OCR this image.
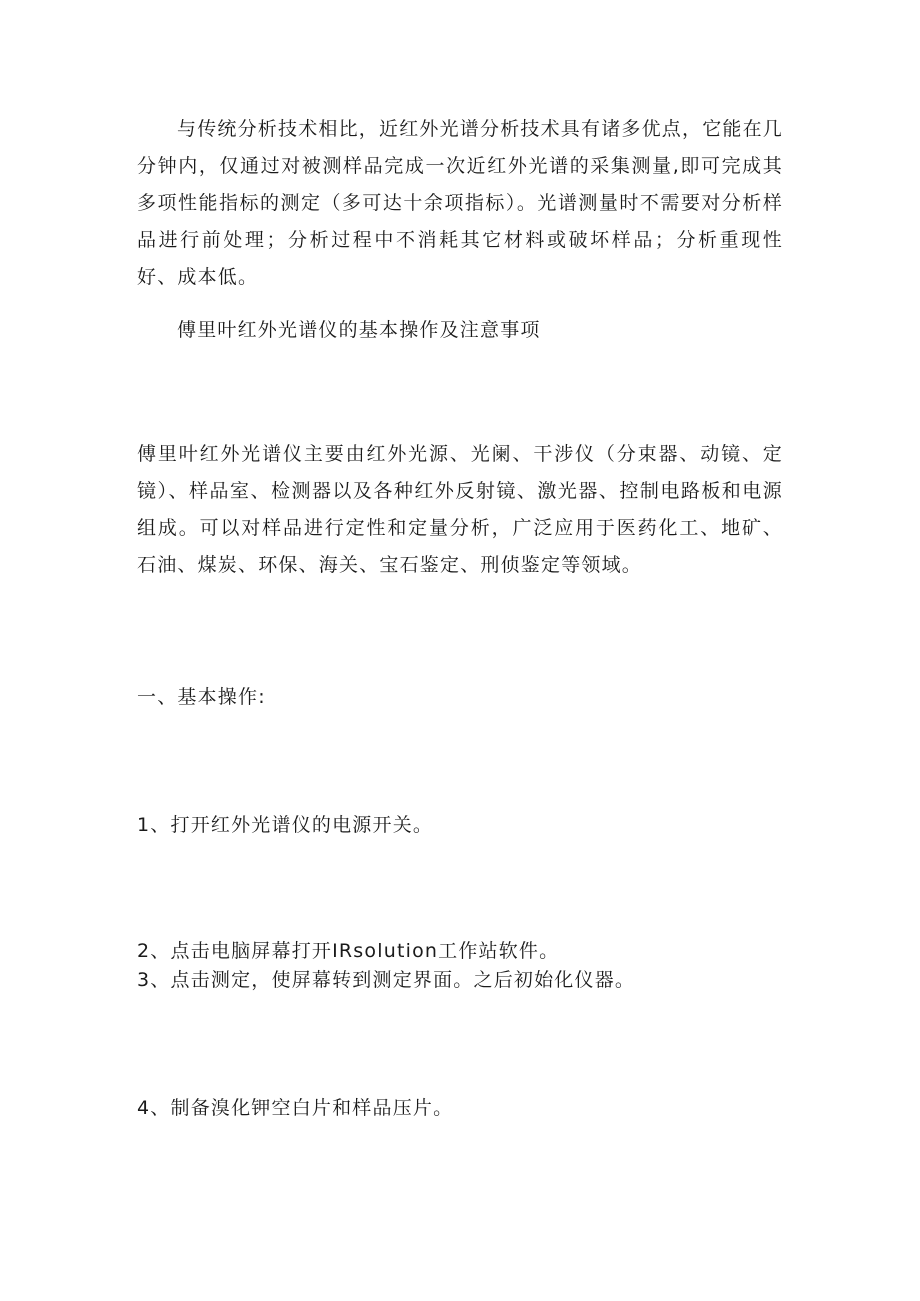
与传统分析技术相比，近红外光谱分析技术具有诸多优点，它能在几分钟内，仅通过对被测样品完成一次近红外光谱的采集测量,即可完成其多项性能指标的测定（多可达十余项指标）。光谱测量时不需要对分析样品进行前处理；分析过程中不消耗其它材料或破坏样品；分析重现性好、成本低。

傅里叶红外光谱仪的基本操作及注意事项

傅里叶红外光谱仪主要由红外光源、光阑、干涉仪（分束器、动镜、定镜）、样品室、检测器以及各种红外反射镜、激光器、控制电路板和电源组成。可以对样品进行定性和定量分析，广泛应用于医药化工、地矿、石油、煤炭、环保、海关、宝石鉴定、刑侦鉴定等领域。

一、基本操作:

1、打开红外光谱仪的电源开关。

2、点击电脑屏幕打开IRsolution工作站软件。

3、点击测定，使屏幕转到测定界面。之后初始化仪器。

4、制备溴化钾空白片和样品压片。
